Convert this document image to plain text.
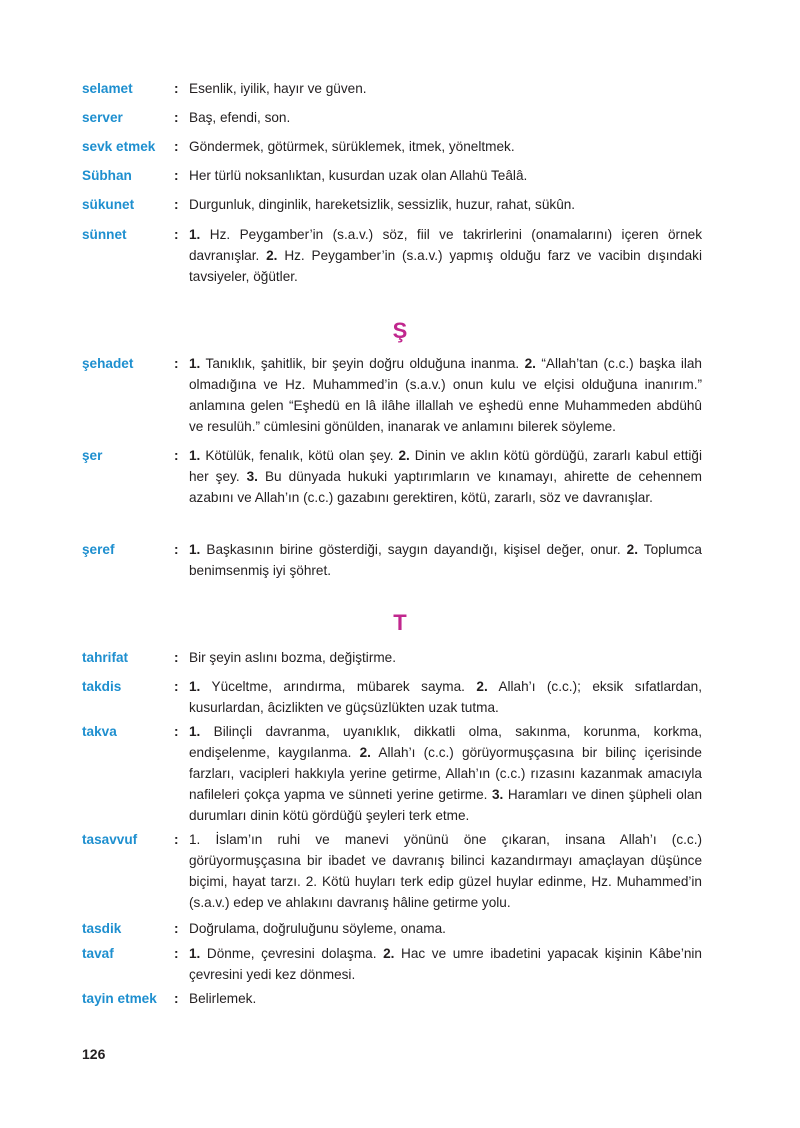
selamet	: Esenlik, iyilik, hayır ve güven.
server	: Baş, efendi, son.
sevk etmek	: Göndermek, götürmek, sürüklemek, itmek, yöneltmek.
Sübhan	: Her türlü noksanlıktan, kusurdan uzak olan Allahü Teâlâ.
sükunet	: Durgunluk, dinginlik, hareketsizlik, sessizlik, huzur, rahat, sükûn.
sünnet	: 1. Hz. Peygamber’in (s.a.v.) söz, fiil ve takrirlerini (onamalarını) içeren örnek davranışlar. 2. Hz. Peygamber’in (s.a.v.) yapmış olduğu farz ve vacibin dışındaki tavsiyeler, öğütler.
Ş
şehadet	: 1. Tanıklık, şahitlik, bir şeyin doğru olduğuna inanma. 2. “Allah’tan (c.c.) başka ilah olmadığına ve Hz. Muhammed’in (s.a.v.) onun kulu ve elçisi olduğuna inanırım.” anlamına gelen “Eşhedü en lâ ilâhe illallah ve eşhedü enne Muhammeden abdühû ve resulüh.” cümlesini gönülden, inanarak ve anlamını bilerek söyleme.
şer	: 1. Kötülük, fenalık, kötü olan şey. 2. Dinin ve aklın kötü gördüğü, zararlı kabul ettiği her şey. 3. Bu dünyada hukuki yaptırımların ve kınamayı, ahirette de cehennem azabını ve Allah’ın (c.c.) gazabını gerektiren, kötü, zararlı, söz ve davranışlar.
şeref	: 1. Başkasının birine gösterdiği, saygın dayandığı, kişisel değer, onur. 2. Toplumca benimsenmiş iyi şöhret.
T
tahrifat	: Bir şeyin aslını bozma, değiştirme.
takdis	: 1. Yüceltme, arındırma, mübarek sayma. 2. Allah’ı (c.c.); eksik sıfatlardan, kusurlardan, âcizlikten ve güçsüzlükten uzak tutma.
takva	: 1. Bilinçli davranma, uyanıklık, dikkatli olma, sakınma, korunma, korkma, endişelenme, kaygılanma. 2. Allah’ı (c.c.) görüyormuşçasına bir bilinç içerisinde farzları, vacipleri hakkıyla yerine getirme, Allah’ın (c.c.) rızasını kazanmak amacıyla nafileleri çokça yapma ve sünneti yerine getirme. 3. Haramları ve dinen şüpheli olan durumları dinin kötü gördüğü şeyleri terk etme.
tasavvuf	: 1. İslam’ın ruhi ve manevi yönünü öne çıkaran, insana Allah’ı (c.c.) görüyormuşçasına bir ibadet ve davranış bilinci kazandırmayı amaçlayan düşünce biçimi, hayat tarzı. 2. Kötü huyları terk edip güzel huylar edinme, Hz. Muhammed’in (s.a.v.) edep ve ahlakını davranış hâline getirme yolu.
tasdik	: Doğrulama, doğruluğunu söyleme, onama.
tavaf	: 1. Dönme, çevresini dolaşma. 2. Hac ve umre ibadetini yapacak kişinin Kâbe’nin çevresini yedi kez dönmesi.
tayin etmek	: Belirlemek.
126
